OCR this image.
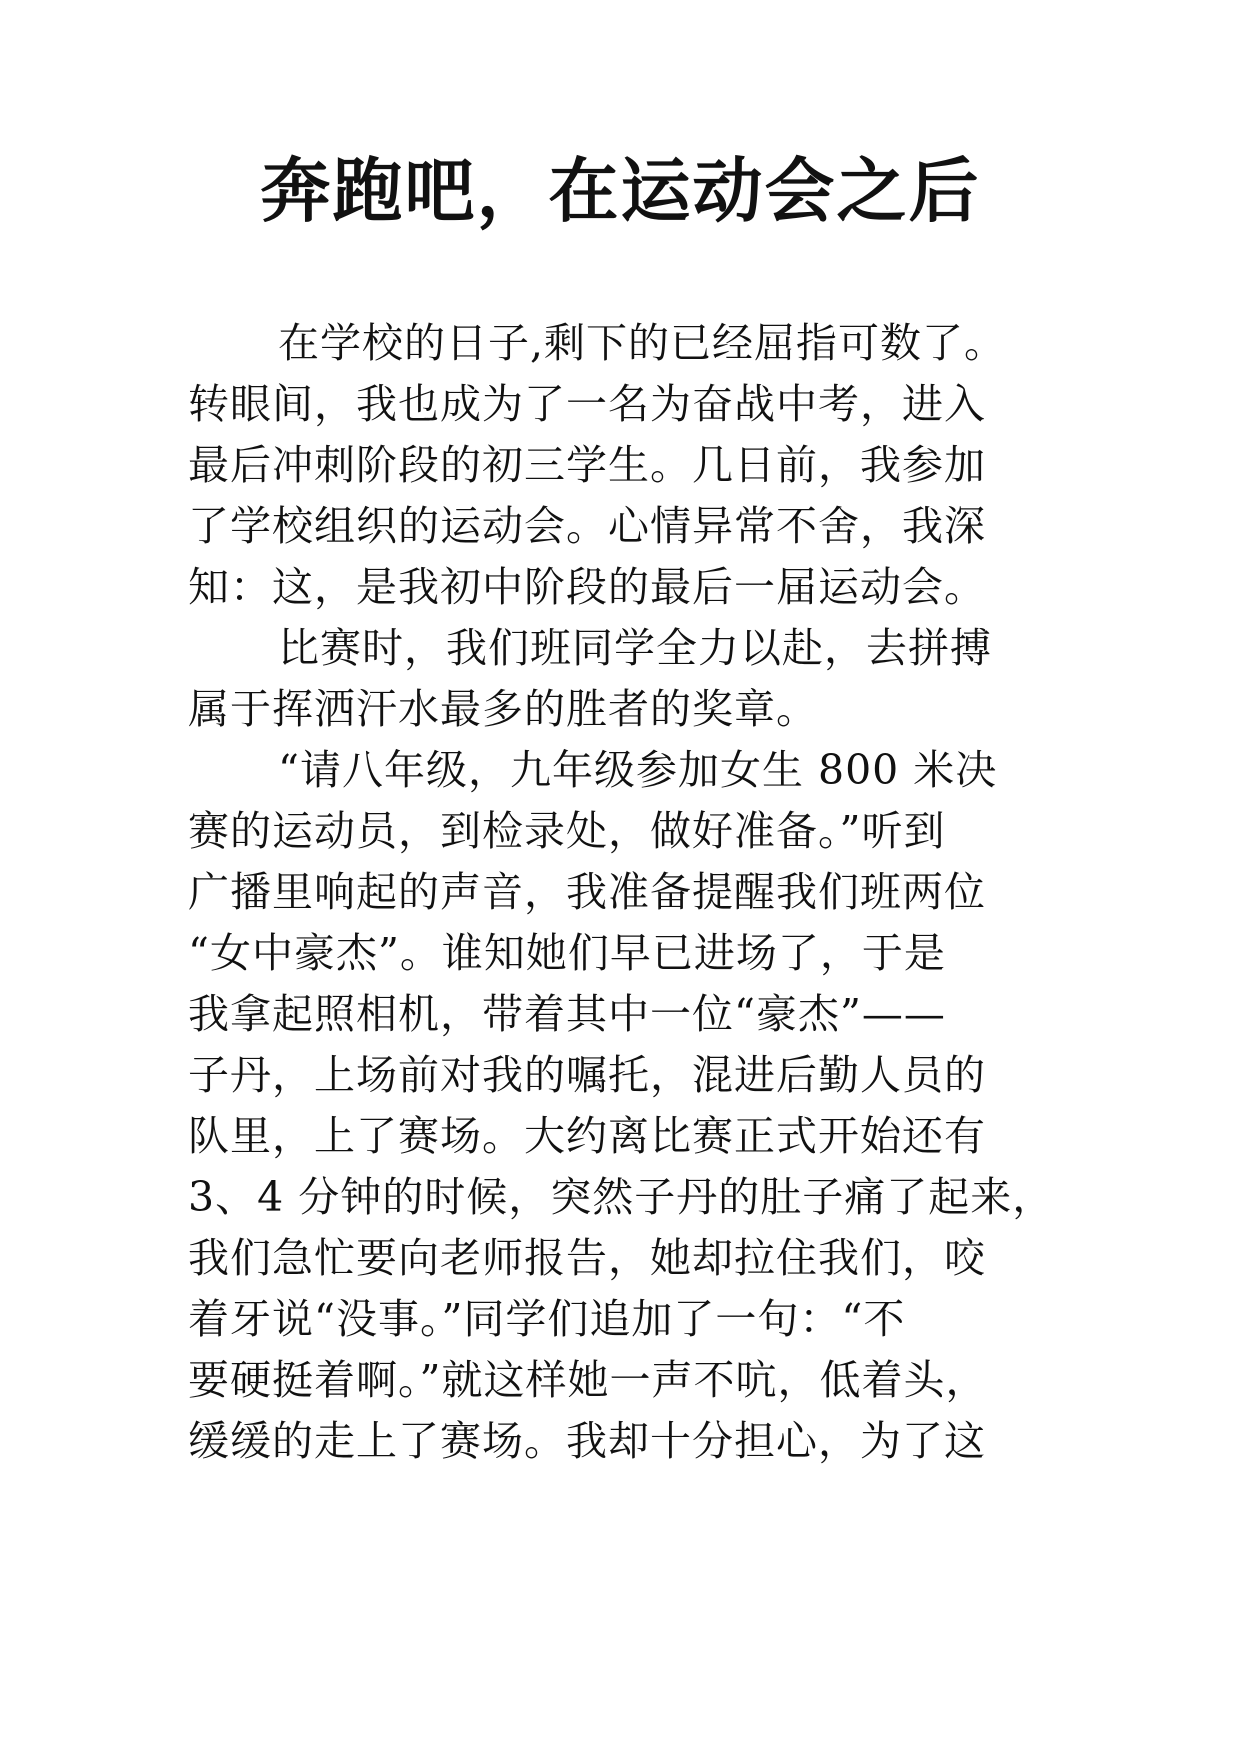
奔跑吧，在运动会之后
在学校的日子,剩下的已经屈指可数了。
转眼间，我也成为了一名为奋战中考，进入
最后冲刺阶段的初三学生。几日前，我参加
了学校组织的运动会。心情异常不舍，我深
知：这，是我初中阶段的最后一届运动会。
比赛时，我们班同学全力以赴，去拼搏
属于挥洒汗水最多的胜者的奖章。
“请八年级，九年级参加女生 800 米决
赛的运动员，到检录处，做好准备。”听到
广播里响起的声音，我准备提醒我们班两位
“女中豪杰”。谁知她们早已进场了，于是
我拿起照相机，带着其中一位“豪杰”——
子丹，上场前对我的嘱托，混进后勤人员的
队里，上了赛场。大约离比赛正式开始还有
3、4 分钟的时候，突然子丹的肚子痛了起来，
我们急忙要向老师报告，她却拉住我们，咬
着牙说“没事。”同学们追加了一句：“不
要硬挺着啊。”就这样她一声不吭，低着头，
缓缓的走上了赛场。我却十分担心，为了这
